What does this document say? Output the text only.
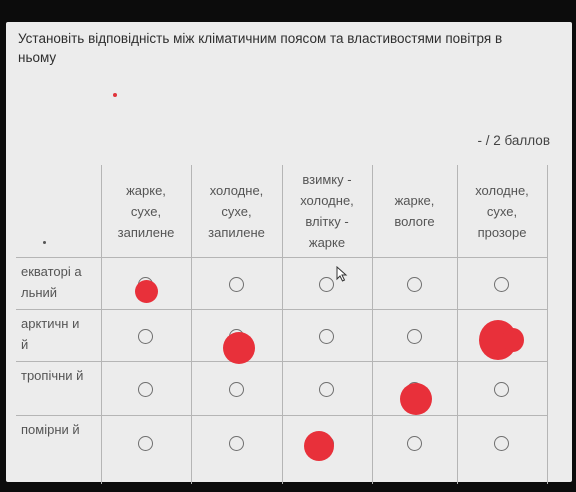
Установіть відповідність між кліматичним поясом та властивостями повітря в ньому
- / 2 баллов
жарке,
сухе,
запилене
холодне,
сухе,
запилене
взимку -
холодне,
влітку -
жарке
жарке,
вологе
холодне,
сухе,
прозоре
екваторі альний
арктичн ий
тропічни й
помірни й
